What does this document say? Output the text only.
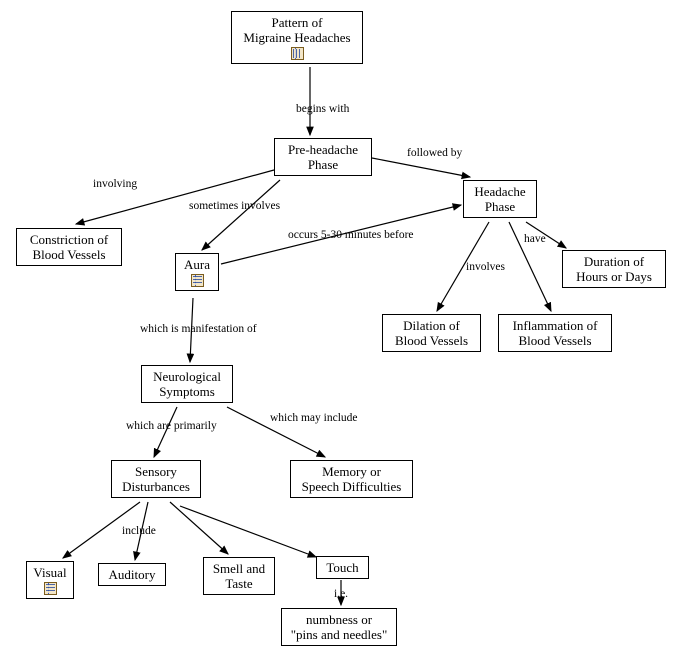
Pattern of
Migraine Headaches
Pre-headache
Phase
Headache
Phase
Constriction of
Blood Vessels
Aura	Duration of
Hours or Days
Dilation of
Blood Vessels
Inflammation of
Blood Vessels
Neurological
Symptoms
Sensory
Disturbances
Memory or
Speech Difficulties
Visual	Auditory	Smell and
Taste
Touch
numbness or
"pins and needles"
begins with
followed by
involving
sometimes involves
occurs 5-30 minutes before	have
involves
which is manifestation of
which may include
which are primarily
include
i.e.
